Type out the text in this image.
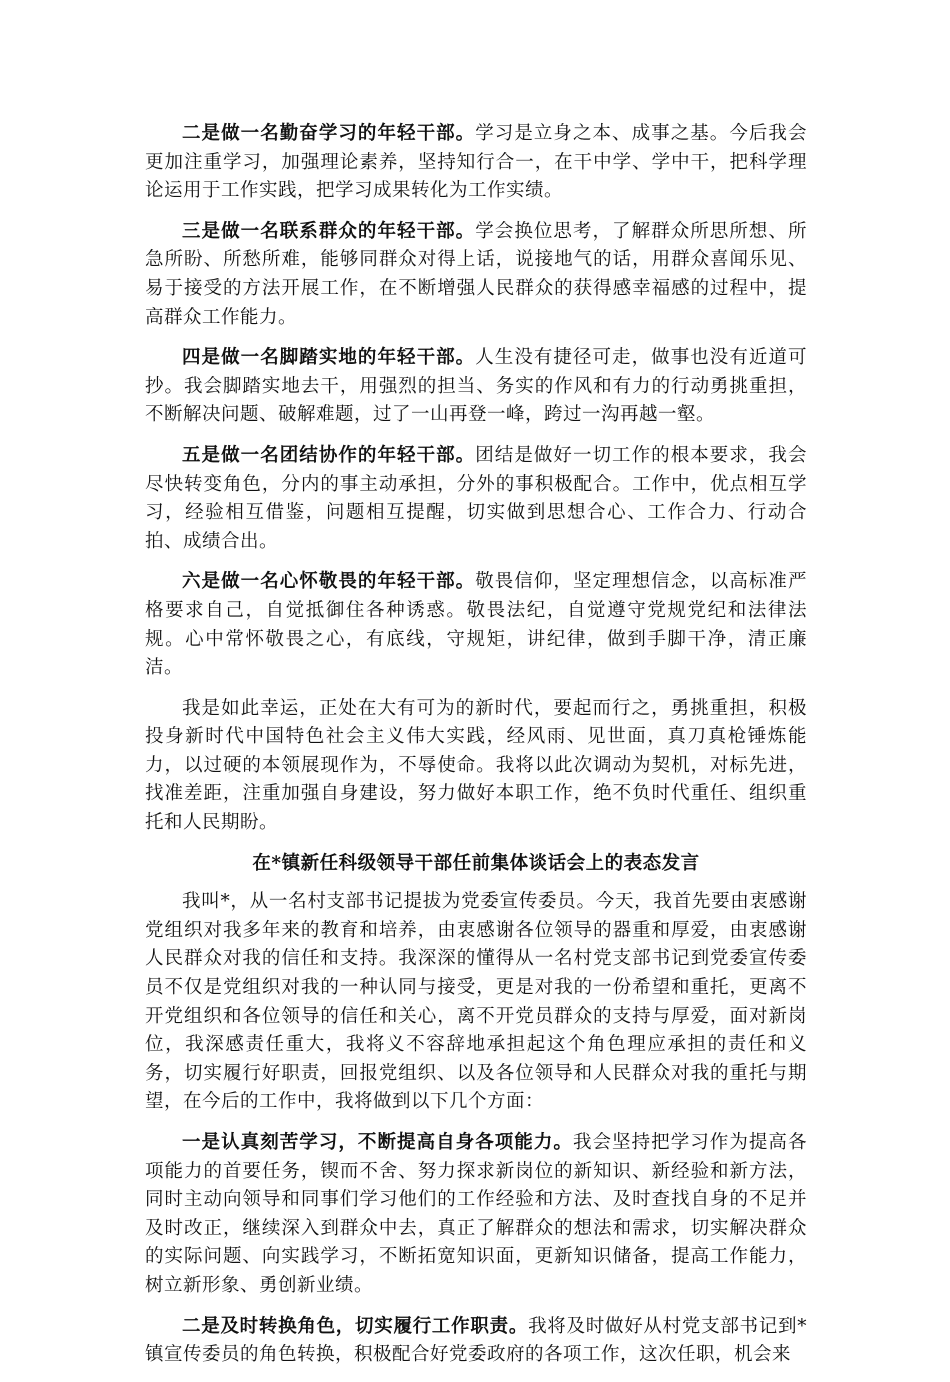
二是做一名勤奋学习的年轻干部。学习是立身之本、成事之基。今后我会更加注重学习，加强理论素养，坚持知行合一，在干中学、学中干，把科学理论运用于工作实践，把学习成果转化为工作实绩。

三是做一名联系群众的年轻干部。学会换位思考，了解群众所思所想、所急所盼、所愁所难，能够同群众对得上话，说接地气的话，用群众喜闻乐见、易于接受的方法开展工作，在不断增强人民群众的获得感幸福感的过程中，提高群众工作能力。

四是做一名脚踏实地的年轻干部。人生没有捷径可走，做事也没有近道可抄。我会脚踏实地去干，用强烈的担当、务实的作风和有力的行动勇挑重担，不断解决问题、破解难题，过了一山再登一峰，跨过一沟再越一壑。

五是做一名团结协作的年轻干部。团结是做好一切工作的根本要求，我会尽快转变角色，分内的事主动承担，分外的事积极配合。工作中，优点相互学习，经验相互借鉴，问题相互提醒，切实做到思想合心、工作合力、行动合拍、成绩合出。

六是做一名心怀敬畏的年轻干部。敬畏信仰，坚定理想信念，以高标准严格要求自己，自觉抵御住各种诱惑。敬畏法纪，自觉遵守党规党纪和法律法规。心中常怀敬畏之心，有底线，守规矩，讲纪律，做到手脚干净，清正廉洁。

我是如此幸运，正处在大有可为的新时代，要起而行之，勇挑重担，积极投身新时代中国特色社会主义伟大实践，经风雨、见世面，真刀真枪锤炼能力，以过硬的本领展现作为，不辱使命。我将以此次调动为契机，对标先进，找准差距，注重加强自身建设，努力做好本职工作，绝不负时代重任、组织重托和人民期盼。

在*镇新任科级领导干部任前集体谈话会上的表态发言

我叫*，从一名村支部书记提拔为党委宣传委员。今天，我首先要由衷感谢党组织对我多年来的教育和培养，由衷感谢各位领导的器重和厚爱，由衷感谢人民群众对我的信任和支持。我深深的懂得从一名村党支部书记到党委宣传委员不仅是党组织对我的一种认同与接受，更是对我的一份希望和重托，更离不开党组织和各位领导的信任和关心，离不开党员群众的支持与厚爱，面对新岗位，我深感责任重大，我将义不容辞地承担起这个角色理应承担的责任和义务，切实履行好职责，回报党组织、以及各位领导和人民群众对我的重托与期望，在今后的工作中，我将做到以下几个方面：

一是认真刻苦学习，不断提高自身各项能力。我会坚持把学习作为提高各项能力的首要任务，锲而不舍、努力探求新岗位的新知识、新经验和新方法，同时主动向领导和同事们学习他们的工作经验和方法、及时查找自身的不足并及时改正，继续深入到群众中去，真正了解群众的想法和需求，切实解决群众的实际问题、向实践学习，不断拓宽知识面，更新知识储备，提高工作能力，树立新形象、勇创新业绩。

二是及时转换角色，切实履行工作职责。我将及时做好从村党支部书记到*镇宣传委员的角色转换，积极配合好党委政府的各项工作，这次任职，机会来
